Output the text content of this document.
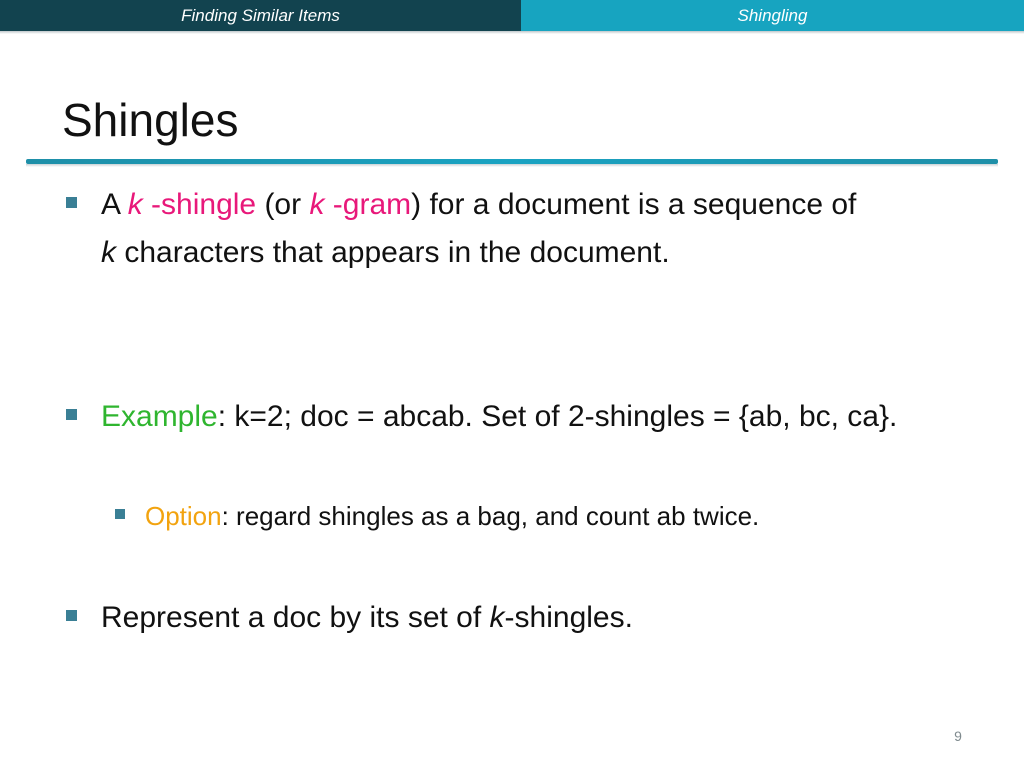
Finding Similar Items	Shingling
Shingles
A k -shingle (or k -gram) for a document is a sequence of k characters that appears in the document.
Example: k=2; doc = abcab. Set of 2-shingles = {ab, bc, ca}.
Option: regard shingles as a bag, and count ab twice.
Represent a doc by its set of k-shingles.
9
